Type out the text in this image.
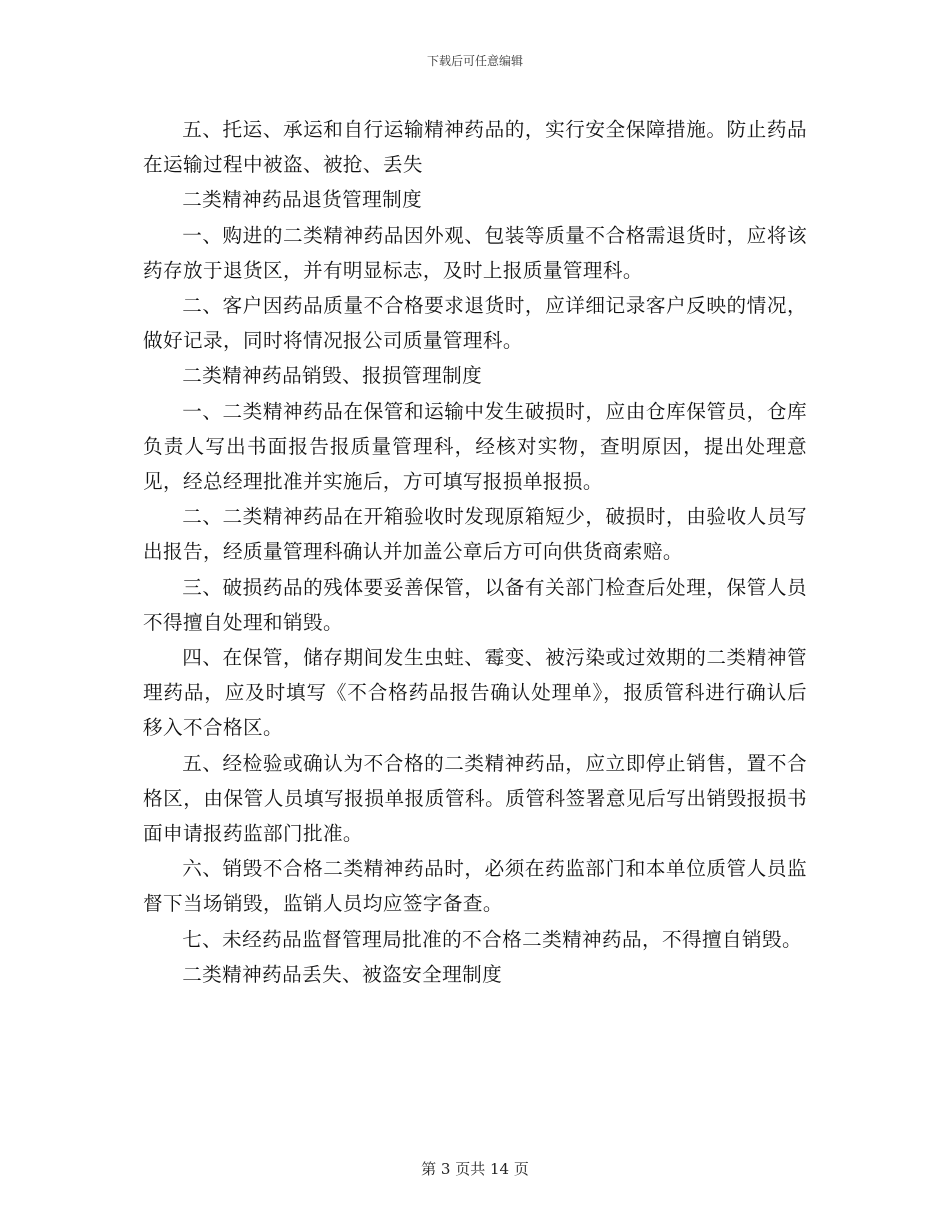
下载后可任意编辑

五、托运、承运和自行运输精神药品的，实行安全保障措施。防止药品在运输过程中被盗、被抢、丢失

二类精神药品退货管理制度

一、购进的二类精神药品因外观、包装等质量不合格需退货时，应将该药存放于退货区，并有明显标志，及时上报质量管理科。

二、客户因药品质量不合格要求退货时，应详细记录客户反映的情况，做好记录，同时将情况报公司质量管理科。

二类精神药品销毁、报损管理制度

一、二类精神药品在保管和运输中发生破损时，应由仓库保管员，仓库负责人写出书面报告报质量管理科，经核对实物，查明原因，提出处理意见，经总经理批准并实施后，方可填写报损单报损。

二、二类精神药品在开箱验收时发现原箱短少，破损时，由验收人员写出报告，经质量管理科确认并加盖公章后方可向供货商索赔。

三、破损药品的残体要妥善保管，以备有关部门检查后处理，保管人员不得擅自处理和销毁。

四、在保管，储存期间发生虫蛀、霉变、被污染或过效期的二类精神管理药品，应及时填写《不合格药品报告确认处理单》，报质管科进行确认后移入不合格区。

五、经检验或确认为不合格的二类精神药品，应立即停止销售，置不合格区，由保管人员填写报损单报质管科。质管科签署意见后写出销毁报损书面申请报药监部门批准。

六、销毁不合格二类精神药品时，必须在药监部门和本单位质管人员监督下当场销毁，监销人员均应签字备查。

七、未经药品监督管理局批准的不合格二类精神药品，不得擅自销毁。

二类精神药品丢失、被盗安全理制度

第 3 页共 14 页
